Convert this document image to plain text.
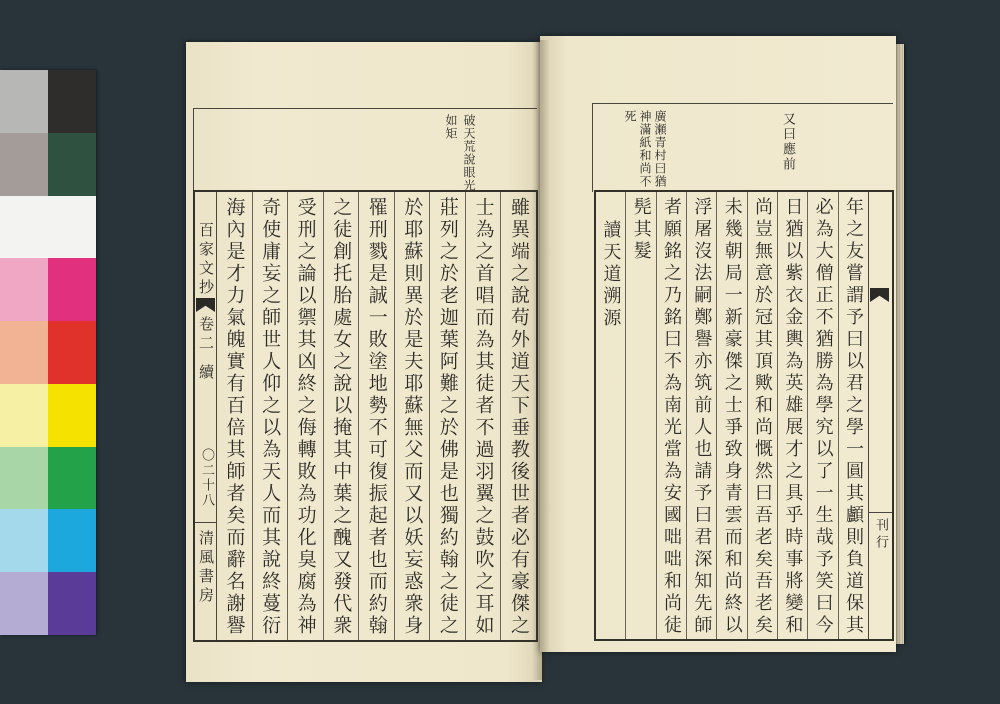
破天荒說眼光
如矩
百家文抄
卷二
續
〇二十八
清風書房	雖異端之說苟外道天下垂教後世者必有豪傑之
士為之首唱而為其徒者不過羽翼之鼓吹之耳如
莊列之於老迦葉阿難之於佛是也獨約翰之徒之
於耶蘇則異於是夫耶蘇無父而又以妖妄惑衆身
罹刑戮是誠一敗塗地勢不可復振起者也而約翰
之徒創托胎處女之說以掩其中葉之醜又發代衆
受刑之論以禦其凶終之侮轉敗為功化臭腐為神
奇使庸妄之師世人仰之以為天人而其說終蔓衍
海內是才力氣魄實有百倍其師者矣而辭名謝譽
又曰應前
廣瀬青村曰猶
神滿紙和尚不
死
年之友嘗謂予曰以君之學一圓其顱則負道保其
必為大僧正不猶勝為學究以了一生哉予笑曰今
日猶以紫衣金輿為英雄展才之具乎時事將變和
尚豈無意於冠其頂歟和尚慨然曰吾老矣吾老矣
未幾朝局一新豪傑之士爭致身青雲而和尚終以
浮屠沒法嗣鄭譽亦筑前人也請予曰君深知先師
者願銘之乃銘曰不為南光當為安國咄咄和尚徒
髡其髮
讀天道溯源
刊行
